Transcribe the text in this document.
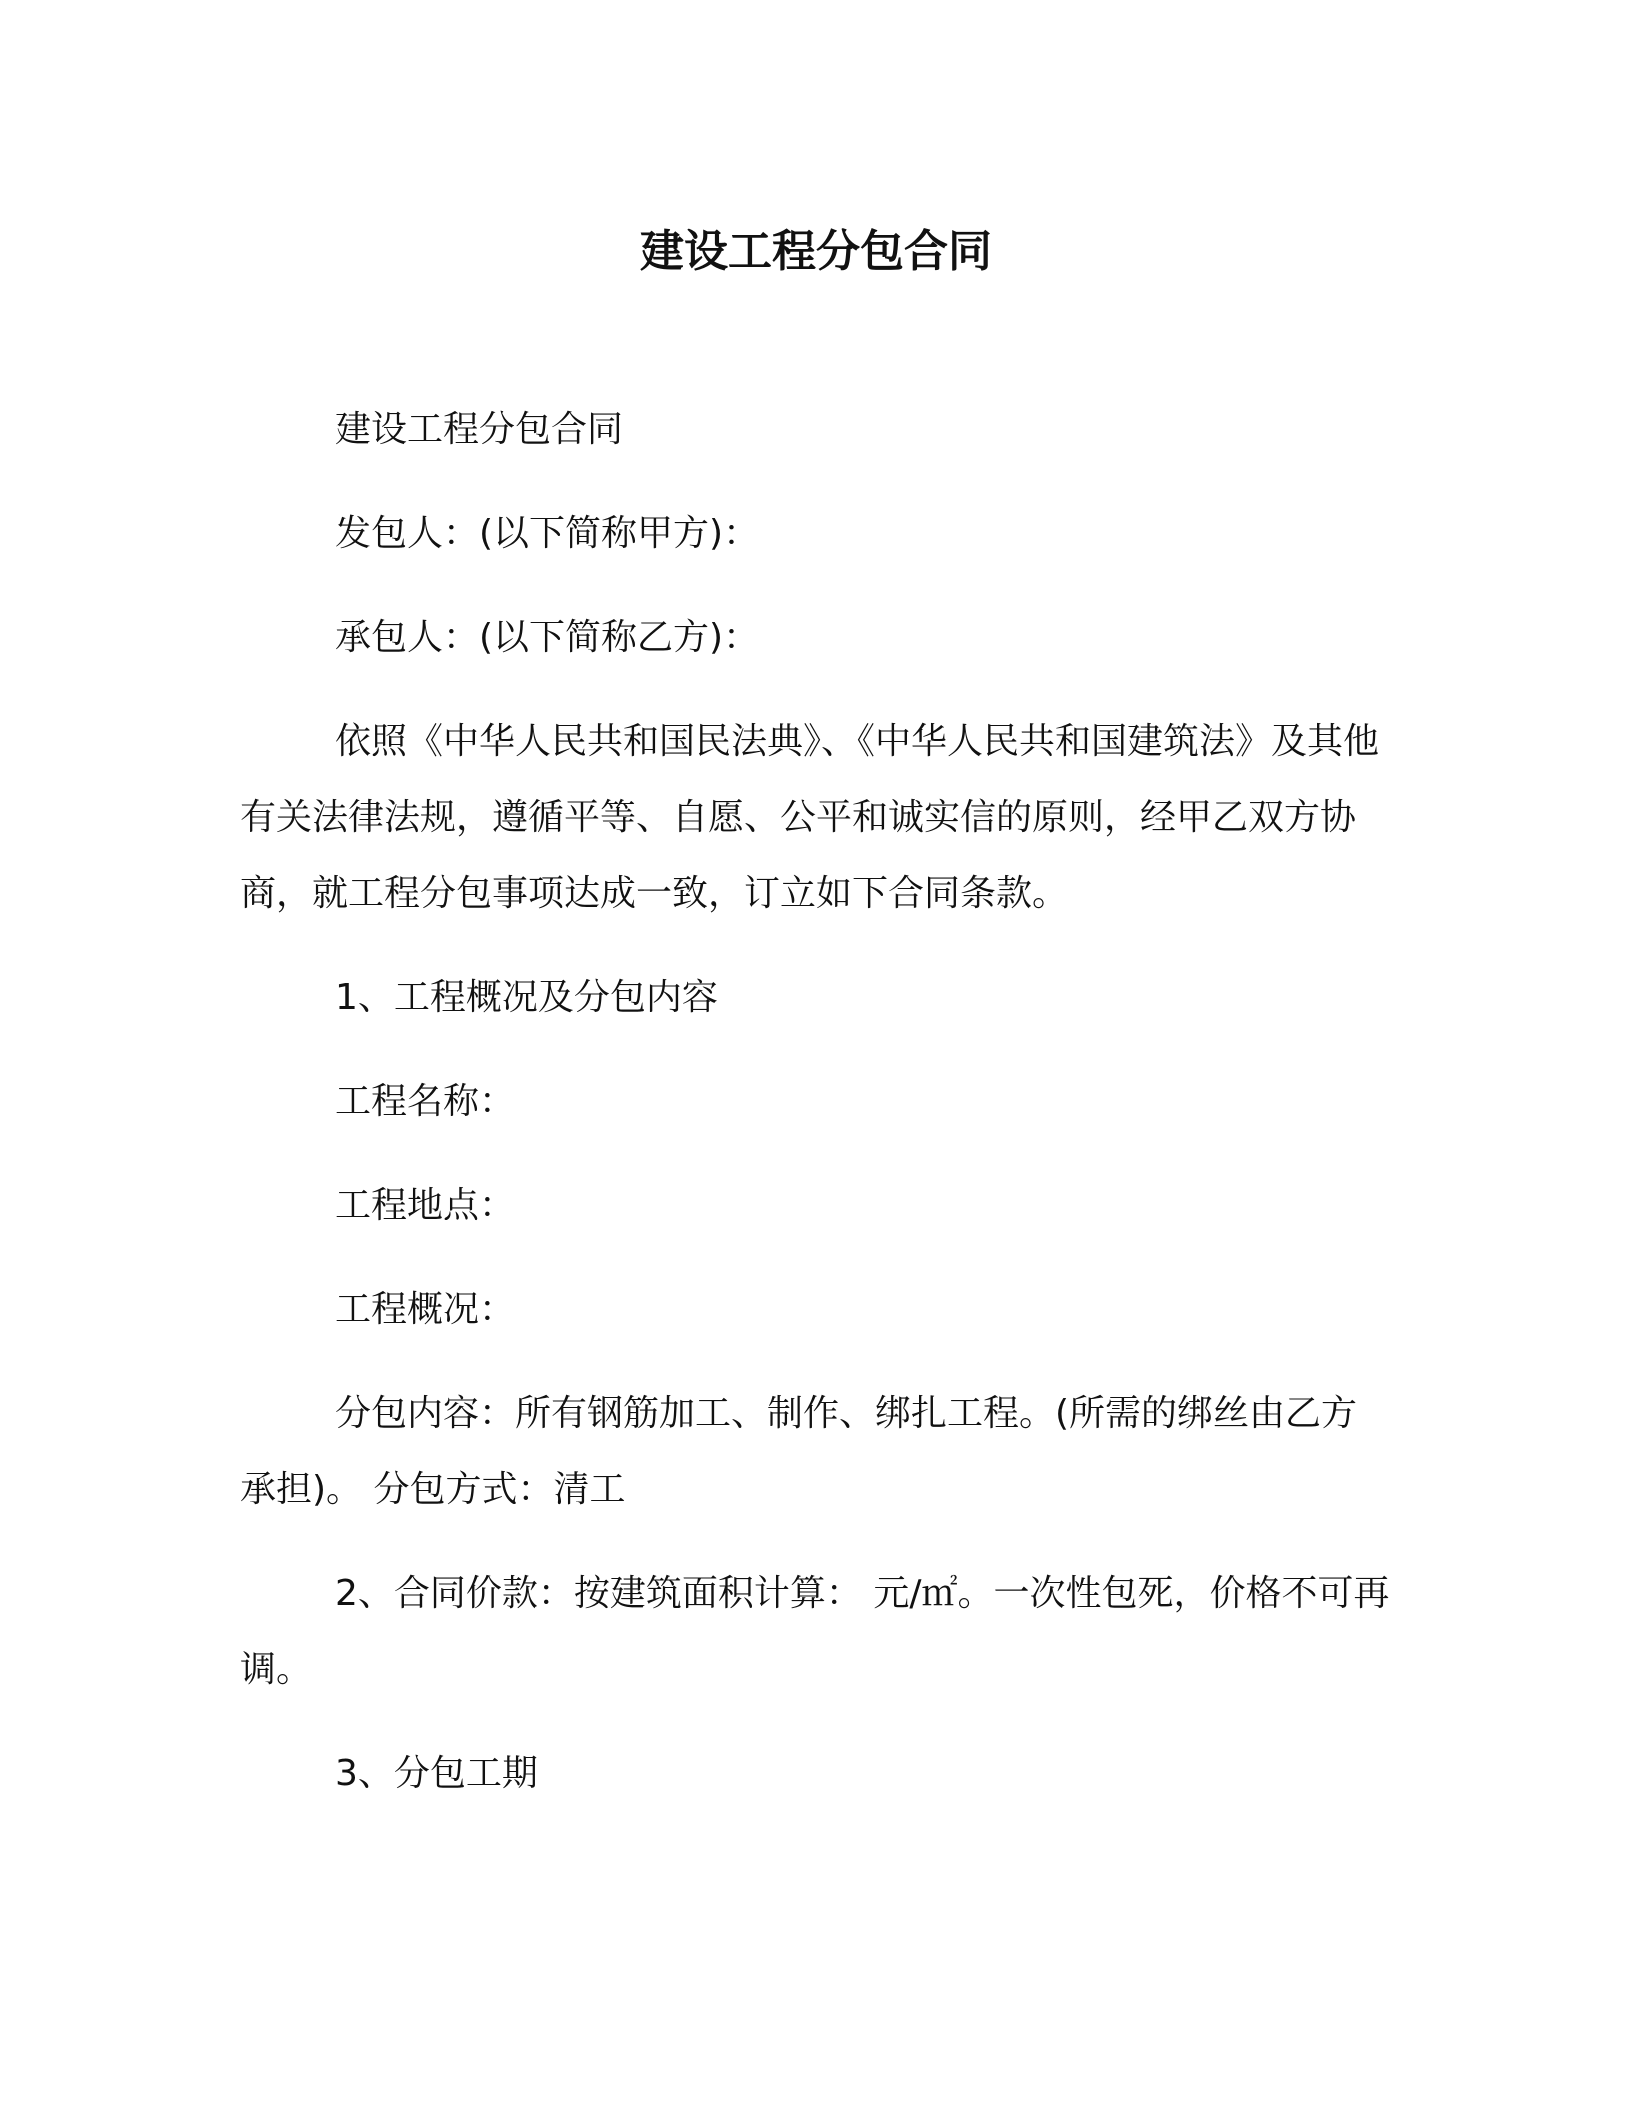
建设工程分包合同

建设工程分包合同

发包人：(以下简称甲方)：

承包人：(以下简称乙方)：

依照《中华人民共和国民法典》、《中华人民共和国建筑法》及其他有关法律法规，遵循平等、自愿、公平和诚实信的原则，经甲乙双方协商，就工程分包事项达成一致，订立如下合同条款。

1、工程概况及分包内容

工程名称：

工程地点：

工程概况：

分包内容：所有钢筋加工、制作、绑扎工程。(所需的绑丝由乙方承担)。 分包方式：清工

2、合同价款：按建筑面积计算： 元/㎡。一次性包死，价格不可再调。

3、分包工期
